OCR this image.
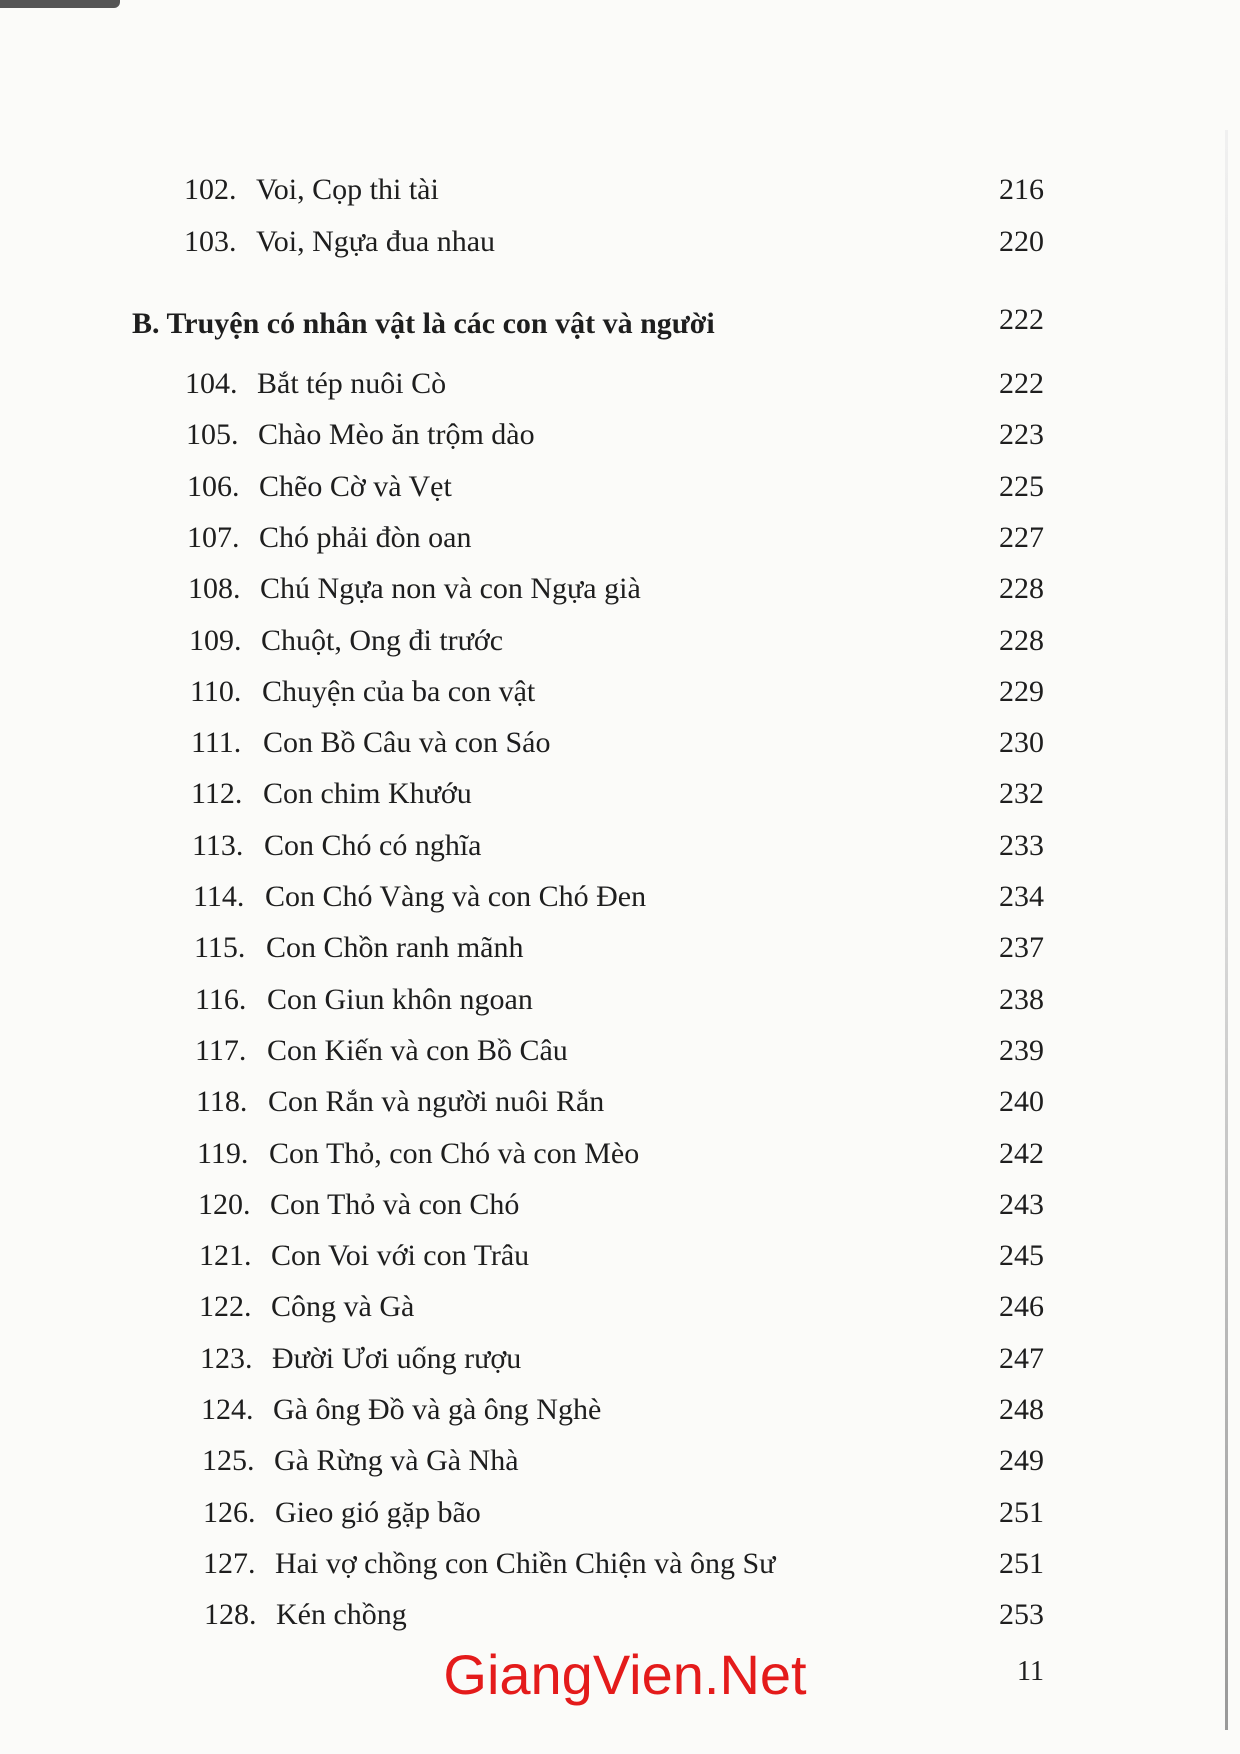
102. Voi, Cọp thi tài	216
103. Voi, Ngựa đua nhau	220
B. Truyện có nhân vật là các con vật và người	222
104. Bắt tép nuôi Cò	222
105. Chào Mèo ăn trộm dào	223
106. Chẽo Cờ và Vẹt	225
107. Chó phải đòn oan	227
108. Chú Ngựa non và con Ngựa già	228
109. Chuột, Ong đi trước	228
110. Chuyện của ba con vật	229
111. Con Bồ Câu và con Sáo	230
112. Con chim Khướu	232
113. Con Chó có nghĩa	233
114. Con Chó Vàng và con Chó Đen	234
115. Con Chồn ranh mãnh	237
116. Con Giun khôn ngoan	238
117. Con Kiến và con Bồ Câu	239
118. Con Rắn và người nuôi Rắn	240
119. Con Thỏ, con Chó và con Mèo	242
120. Con Thỏ và con Chó	243
121. Con Voi với con Trâu	245
122. Công và Gà	246
123. Đười Ươi uống rượu	247
124. Gà ông Đồ và gà ông Nghè	248
125. Gà Rừng và Gà Nhà	249
126. Gieo gió gặp bão	251
127. Hai vợ chồng con Chiền Chiện và ông Sư	251
128. Kén chồng	253
GiangVien.Net	11
